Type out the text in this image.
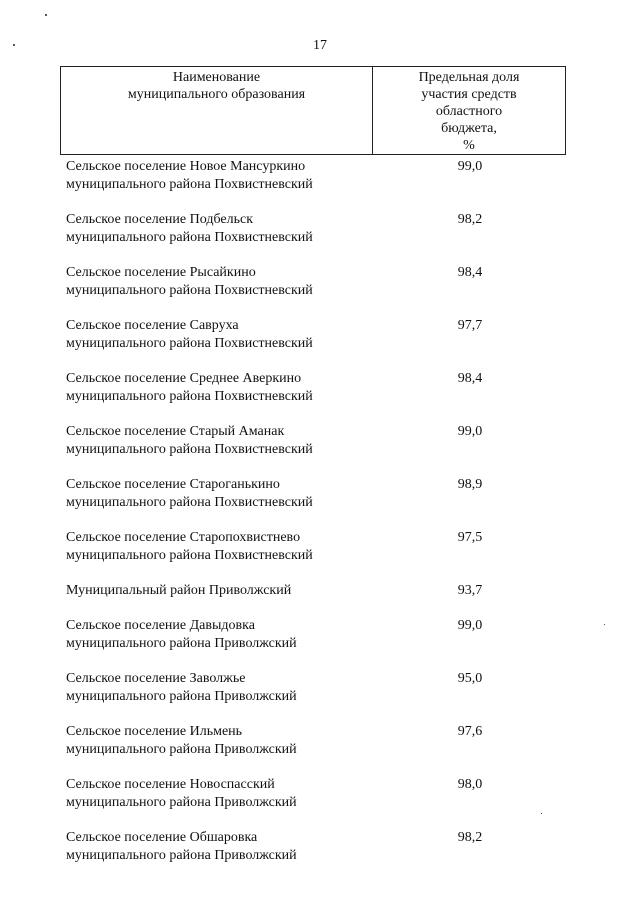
17
Наименование
муниципального образования
Предельная доля
участия средств
областного
бюджета,
%
Сельское поселение Новое Мансуркино
муниципального района Похвистневский
99,0
Сельское поселение Подбельск
муниципального района Похвистневский
98,2
Сельское поселение Рысайкино
муниципального района Похвистневский
98,4
Сельское поселение Савруха
муниципального района Похвистневский
97,7
Сельское поселение Среднее Аверкино
муниципального района Похвистневский
98,4
Сельское поселение Старый Аманак
муниципального района Похвистневский
99,0
Сельское поселение Староганькино
муниципального района Похвистневский
98,9
Сельское поселение Старопохвистнево
муниципального района Похвистневский
97,5
Муниципальный район Приволжский	93,7
Сельское поселение Давыдовка
муниципального района Приволжский
99,0
Сельское поселение Заволжье
муниципального района Приволжский
95,0
Сельское поселение Ильмень
муниципального района Приволжский
97,6
Сельское поселение Новоспасский
муниципального района Приволжский
98,0
Сельское поселение Обшаровка
муниципального района Приволжский
98,2
